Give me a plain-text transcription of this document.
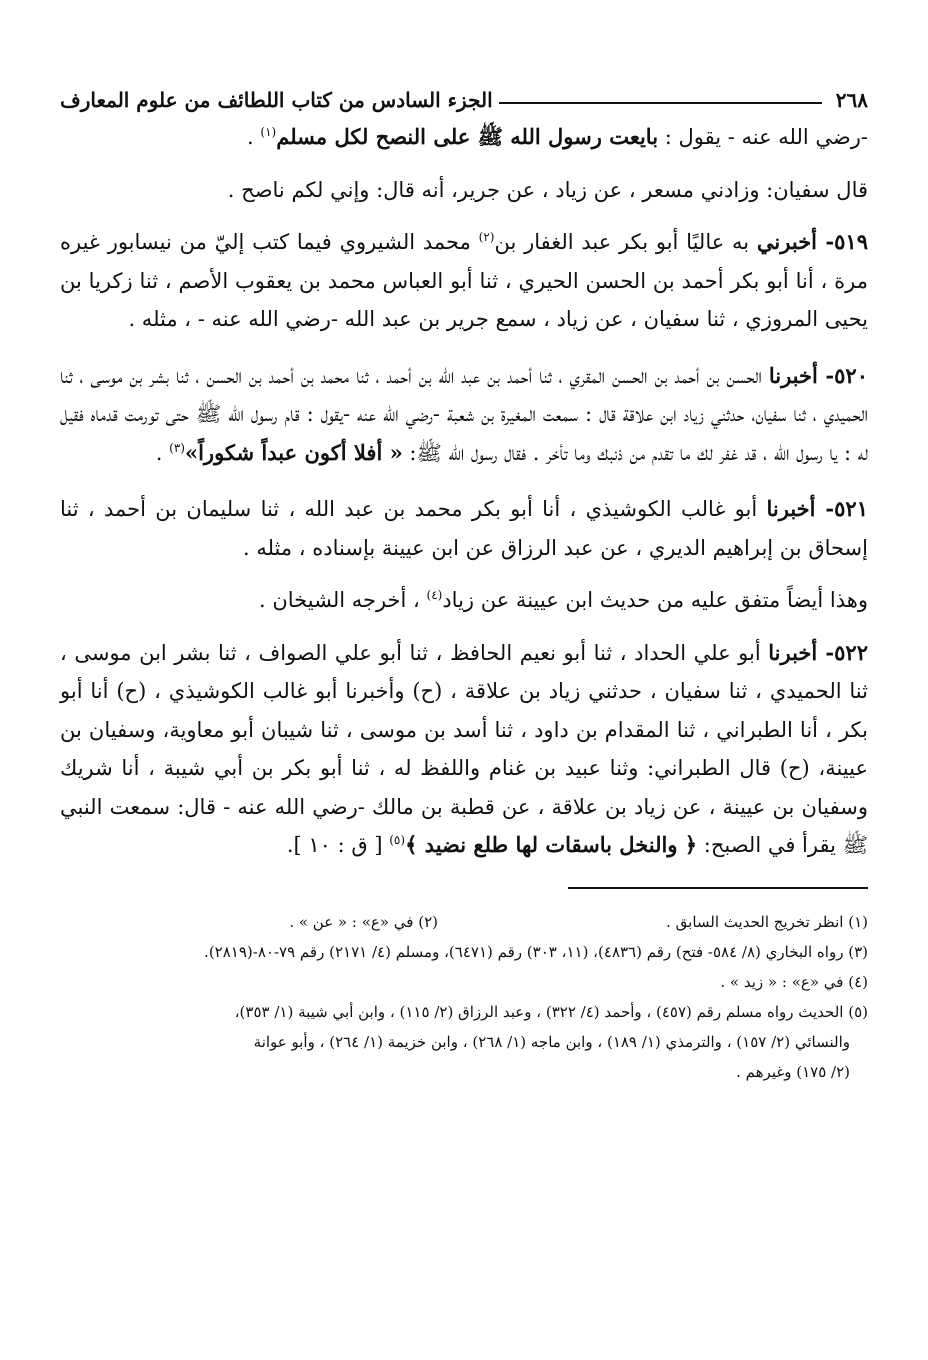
٢٦٨
الجزء السادس من كتاب اللطائف من علوم المعارف

-رضي الله عنه - يقول : بايعت رسول الله ﷺ على النصح لكل مسلم$^{(١)}$ .

قال سفيان: وزادني مسعر ، عن زياد ، عن جرير، أنه قال: وإني لكم ناصح .

٥١٩- أخبرني به عاليًا أبو بكر عبد الغفار بن$^{(٢)}$ محمد الشيروي فيما كتب إليّ من نيسابور غيره مرة ، أنا أبو بكر أحمد بن الحسن الحيري ، ثنا أبو العباس محمد بن يعقوب الأصم ، ثنا زكريا بن يحيى المروزي ، ثنا سفيان ، عن زياد ، سمع جرير بن عبد الله -رضي الله عنه - ، مثله .

٥٢٠- أخبرنا الحسن بن أحمد بن الحسن المقري ، ثنا أحمد بن عبد الله بن أحمد ، ثنا محمد بن أحمد بن الحسن ، ثنا بشر بن موسى ، ثنا الحميدي ، ثنا سفيان، حدثني زياد ابن علاقة قال : سمعت المغيرة بن شعبة -رضي الله عنه -يقول : قام رسول الله ﷺ حتى تورمت قدماه فقيل له : يا رسول الله ، قد غفر لك ما تقدم من ذنبك وما تأخر . فقال رسول الله ﷺ: « أفلا أكون عبداً شكوراً»$^{(٣)}$ .

٥٢١- أخبرنا أبو غالب الكوشيذي ، أنا أبو بكر محمد بن عبد الله ، ثنا سليمان بن أحمد ، ثنا إسحاق بن إبراهيم الديري ، عن عبد الرزاق عن ابن عيينة بإسناده ، مثله .

وهذا أيضاً متفق عليه من حديث ابن عيينة عن زياد$^{(٤)}$ ، أخرجه الشيخان .

٥٢٢- أخبرنا أبو علي الحداد ، ثنا أبو نعيم الحافظ ، ثنا أبو علي الصواف ، ثنا بشر ابن موسى ، ثنا الحميدي ، ثنا سفيان ، حدثني زياد بن علاقة ، (ح) وأخبرنا أبو غالب الكوشيذي ، (ح) أنا أبو بكر ، أنا الطبراني ، ثنا المقدام بن داود ، ثنا أسد بن موسى ، ثنا شيبان أبو معاوية، وسفيان بن عيينة، (ح) قال الطبراني: وثنا عبيد بن غنام واللفظ له ، ثنا أبو بكر بن أبي شيبة ، أنا شريك وسفيان بن عيينة ، عن زياد بن علاقة ، عن قطبة بن مالك -رضي الله عنه - قال: سمعت النبي ﷺ يقرأ في الصبح: ﴿ والنخل باسقات لها طلع نضيد ﴾$^{(٥)}$ [ ق : ١٠ ].

(١) انظر تخريج الحديث السابق .
(٢) في «ع» : « عن » .
(٣) رواه البخاري (٨/ ٥٨٤- فتح) رقم (٤٨٣٦)، (١١، ٣٠٣) رقم (٦٤٧١)، ومسلم (٤/ ٢١٧١) رقم ٧٩-٨٠-(٢٨١٩).
(٤) في «ع» : « زيد » .
(٥) الحديث رواه مسلم رقم (٤٥٧) ، وأحمد (٤/ ٣٢٢) ، وعبد الرزاق (٢/ ١١٥) ، وابن أبي شيبة (١/ ٣٥٣)،
والنسائي (٢/ ١٥٧) ، والترمذي (١/ ١٨٩) ، وابن ماجه (١/ ٢٦٨) ، وابن خزيمة (١/ ٢٦٤) ، وأبو عوانة
(٢/ ١٧٥) وغيرهم .
